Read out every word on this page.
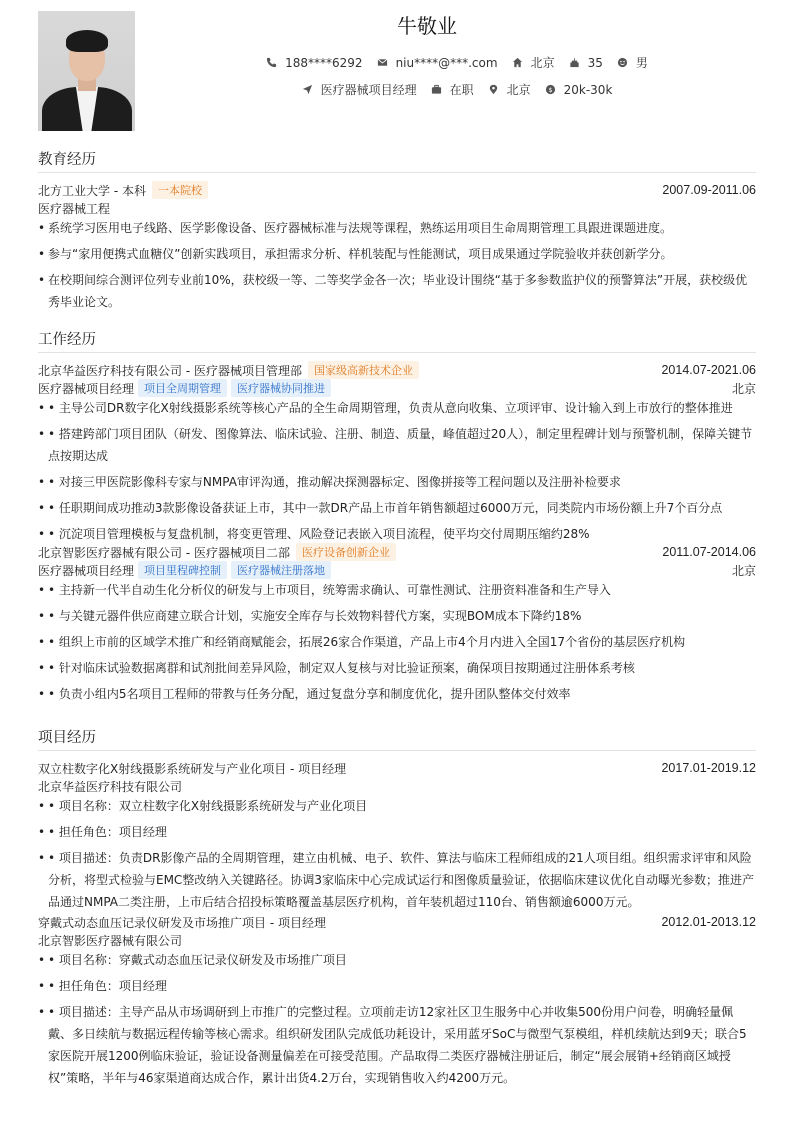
牛敬业
188****6292	niu****@***.com	北京	35	男
医疗器械项目经理	在职	北京 $ 20k-30k
教育经历
北方工业大学 - 本科	一本院校	2007.09-2011.06
医疗器械工程
• 系统学习医用电子线路、医学影像设备、医疗器械标准与法规等课程，熟练运用项目生命周期管理工具跟进课题进度。
• 参与“家用便携式血糖仪”创新实践项目，承担需求分析、样机装配与性能测试，项目成果通过学院验收并获创新学分。
• 在校期间综合测评位列专业前10%，获校级一等、二等奖学金各一次；毕业设计围绕“基于多参数监护仪的预警算法”开展，获校级优秀毕业论文。
工作经历
北京华益医疗科技有限公司 - 医疗器械项目管理部	国家级高新技术企业	2014.07-2021.06
医疗器械项目经理 项目全周期管理	医疗器械协同推进	北京
• • 主导公司DR数字化X射线摄影系统等核心产品的全生命周期管理，负责从意向收集、立项评审、设计输入到上市放行的整体推进
• • 搭建跨部门项目团队（研发、图像算法、临床试验、注册、制造、质量，峰值超过20人），制定里程碑计划与预警机制，保障关键节点按期达成
• • 对接三甲医院影像科专家与NMPA审评沟通，推动解决探测器标定、图像拼接等工程问题以及注册补检要求
• • 任职期间成功推动3款影像设备获证上市，其中一款DR产品上市首年销售额超过6000万元，同类院内市场份额上升7个百分点
• • 沉淀项目管理模板与复盘机制，将变更管理、风险登记表嵌入项目流程，使平均交付周期压缩约28%
北京智影医疗器械有限公司 - 医疗器械项目二部	医疗设备创新企业	2011.07-2014.06
医疗器械项目经理 项目里程碑控制	医疗器械注册落地	北京
• • 主持新一代半自动生化分析仪的研发与上市项目，统筹需求确认、可靠性测试、注册资料准备和生产导入
• • 与关键元器件供应商建立联合计划，实施安全库存与长效物料替代方案，实现BOM成本下降约18%
• • 组织上市前的区域学术推广和经销商赋能会，拓展26家合作渠道，产品上市4个月内进入全国17个省份的基层医疗机构
• • 针对临床试验数据离群和试剂批间差异风险，制定双人复核与对比验证预案，确保项目按期通过注册体系考核
• • 负责小组内5名项目工程师的带教与任务分配，通过复盘分享和制度优化，提升团队整体交付效率
项目经历
双立柱数字化X射线摄影系统研发与产业化项目 - 项目经理	2017.01-2019.12
北京华益医疗科技有限公司
• • 项目名称：双立柱数字化X射线摄影系统研发与产业化项目
• • 担任角色：项目经理
• • 项目描述：负责DR影像产品的全周期管理，建立由机械、电子、软件、算法与临床工程师组成的21人项目组。组织需求评审和风险分析，将型式检验与EMC整改纳入关键路径。协调3家临床中心完成试运行和图像质量验证，依据临床建议优化自动曝光参数；推进产品通过NMPA二类注册，上市后结合招投标策略覆盖基层医疗机构，首年装机超过110台、销售额逾6000万元。
穿戴式动态血压记录仪研发及市场推广项目 - 项目经理	2012.01-2013.12
北京智影医疗器械有限公司
• • 项目名称：穿戴式动态血压记录仪研发及市场推广项目
• • 担任角色：项目经理
• • 项目描述：主导产品从市场调研到上市推广的完整过程。立项前走访12家社区卫生服务中心并收集500份用户问卷，明确轻量佩戴、多日续航与数据远程传输等核心需求。组织研发团队完成低功耗设计，采用蓝牙SoC与微型气泵模组，样机续航达到9天；联合5家医院开展1200例临床验证，验证设备测量偏差在可接受范围。产品取得二类医疗器械注册证后，制定“展会展销+经销商区域授权”策略，半年与46家渠道商达成合作，累计出货4.2万台，实现销售收入约4200万元。
